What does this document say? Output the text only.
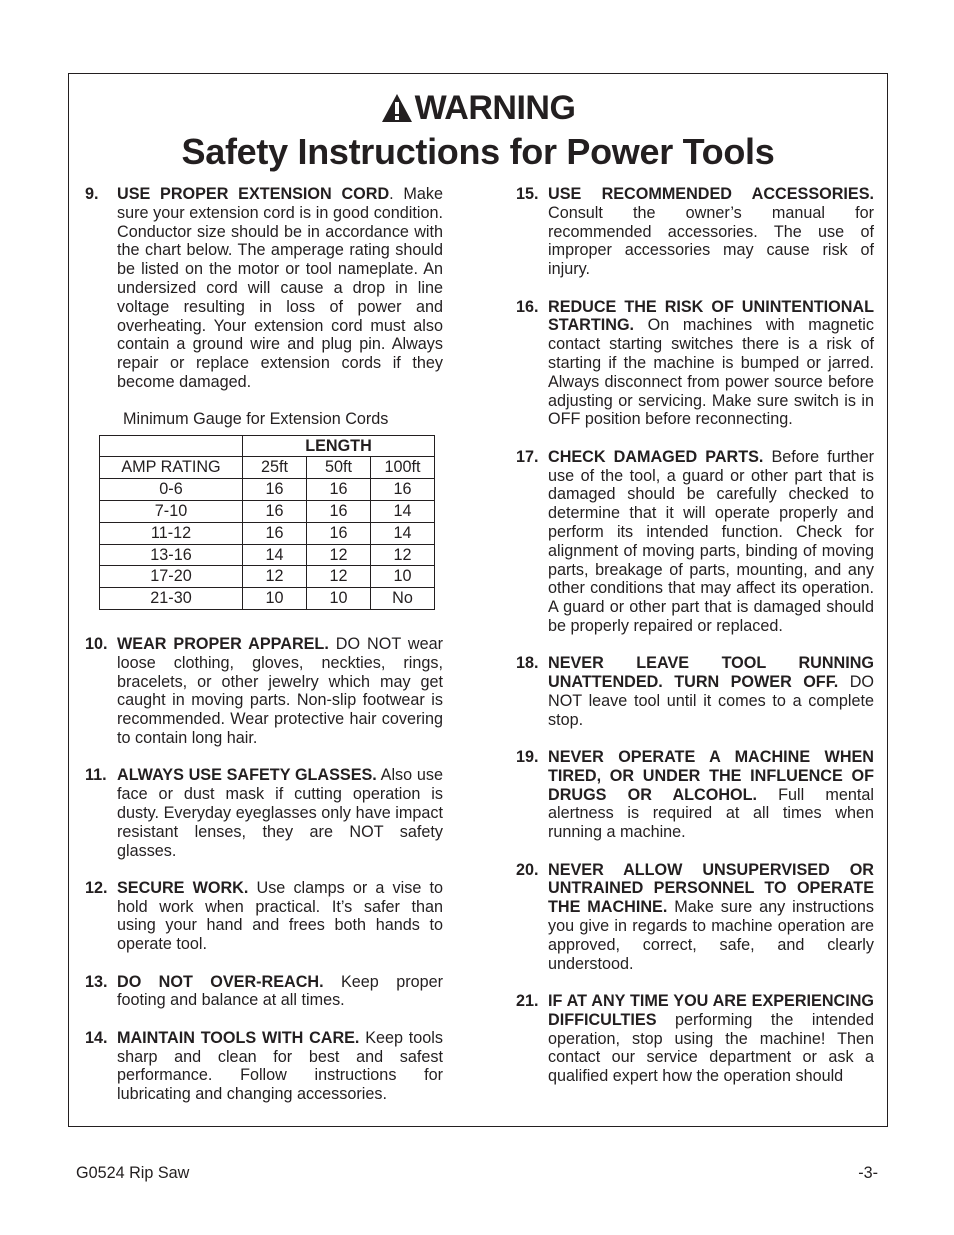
WARNING
Safety Instructions for Power Tools
9. USE PROPER EXTENSION CORD. Make sure your extension cord is in good condition. Conductor size should be in accordance with the chart below. The amperage rating should be listed on the motor or tool nameplate. An undersized cord will cause a drop in line voltage resulting in loss of power and overheating. Your extension cord must also contain a ground wire and plug pin. Always repair or replace extension cords if they become damaged.
Minimum Gauge for Extension Cords
	LENGTH		
AMP RATING	25ft	50ft	100ft
0-6	16	16	16
7-10	16	16	14
11-12	16	16	14
13-16	14	12	12
17-20	12	12	10
21-30	10	10	No
10. WEAR PROPER APPAREL. DO NOT wear loose clothing, gloves, neckties, rings, bracelets, or other jewelry which may get caught in moving parts. Non-slip footwear is recommended. Wear protective hair covering to contain long hair.
11. ALWAYS USE SAFETY GLASSES. Also use face or dust mask if cutting operation is dusty. Everyday eyeglasses only have impact resistant lenses, they are NOT safety glasses.
12. SECURE WORK. Use clamps or a vise to hold work when practical. It’s safer than using your hand and frees both hands to operate tool.
13. DO NOT OVER-REACH. Keep proper footing and balance at all times.
14. MAINTAIN TOOLS WITH CARE. Keep tools sharp and clean for best and safest performance. Follow instructions for lubricating and changing accessories.
15. USE RECOMMENDED ACCESSORIES. Consult the owner’s manual for recommended accessories. The use of improper accessories may cause risk of injury.
16. REDUCE THE RISK OF UNINTENTIONAL STARTING. On machines with magnetic contact starting switches there is a risk of starting if the machine is bumped or jarred. Always disconnect from power source before adjusting or servicing. Make sure switch is in OFF position before reconnecting.
17. CHECK DAMAGED PARTS. Before further use of the tool, a guard or other part that is damaged should be carefully checked to determine that it will operate properly and perform its intended function. Check for alignment of moving parts, binding of moving parts, breakage of parts, mounting, and any other conditions that may affect its operation. A guard or other part that is damaged should be properly repaired or replaced.
18. NEVER LEAVE TOOL RUNNING UNATTENDED. TURN POWER OFF. DO NOT leave tool until it comes to a complete stop.
19. NEVER OPERATE A MACHINE WHEN TIRED, OR UNDER THE INFLUENCE OF DRUGS OR ALCOHOL. Full mental alertness is required at all times when running a machine.
20. NEVER ALLOW UNSUPERVISED OR UNTRAINED PERSONNEL TO OPERATE THE MACHINE. Make sure any instructions you give in regards to machine operation are approved, correct, safe, and clearly understood.
21. IF AT ANY TIME YOU ARE EXPERIENCING DIFFICULTIES performing the intended operation, stop using the machine! Then contact our service department or ask a qualified expert how the operation should
G0524 Rip Saw	-3-
